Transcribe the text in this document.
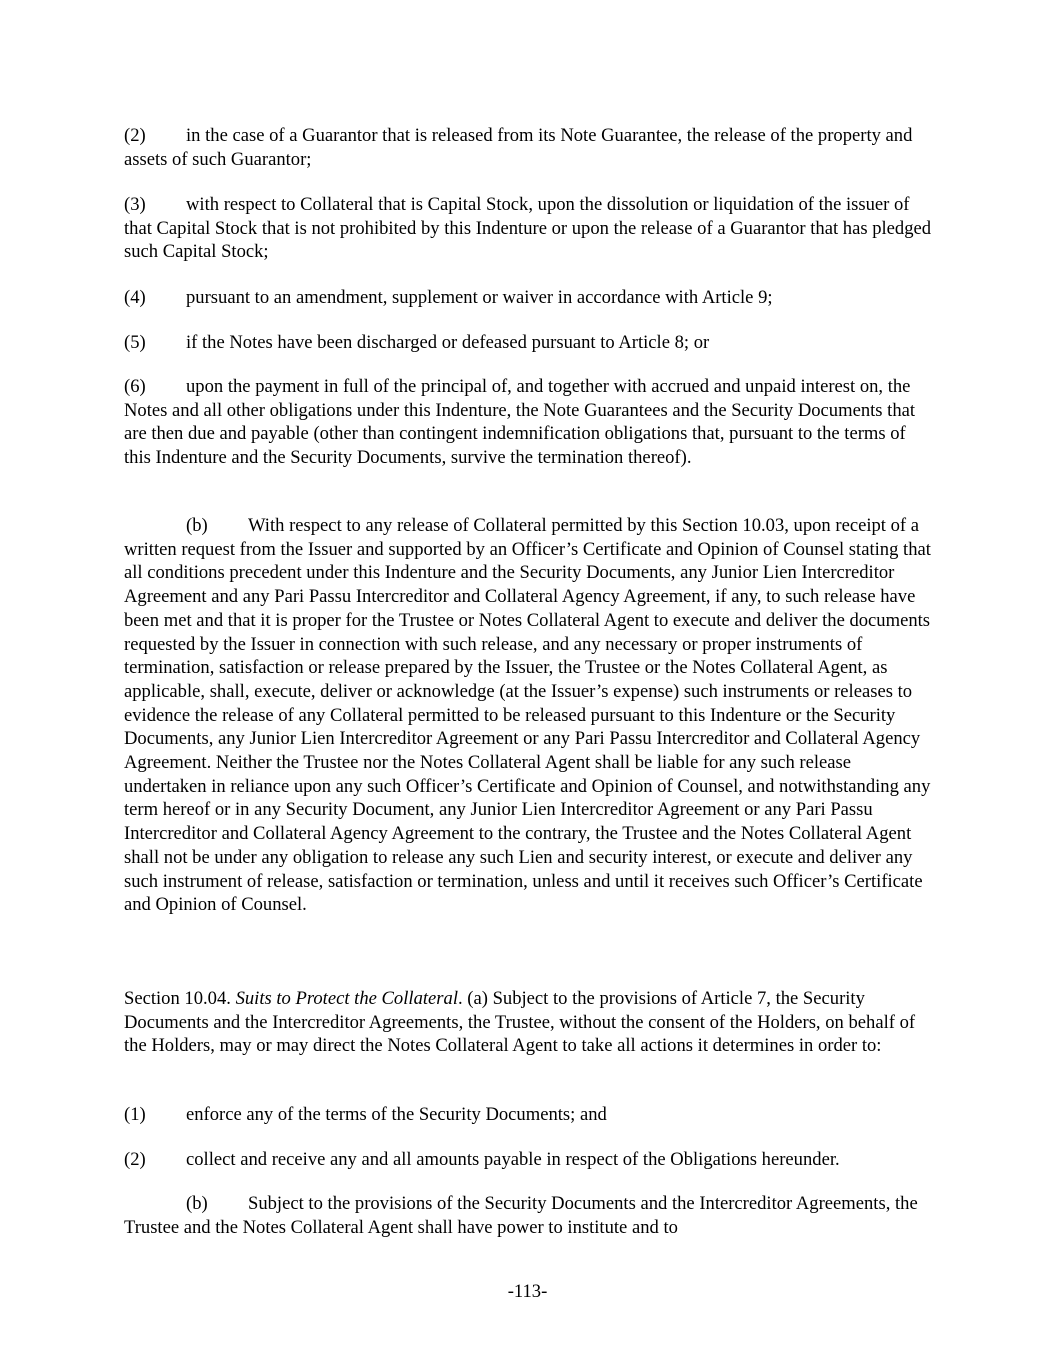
(2) in the case of a Guarantor that is released from its Note Guarantee, the release of the property and assets of such Guarantor;

(3) with respect to Collateral that is Capital Stock, upon the dissolution or liquidation of the issuer of that Capital Stock that is not prohibited by this Indenture or upon the release of a Guarantor that has pledged such Capital Stock;

(4) pursuant to an amendment, supplement or waiver in accordance with Article 9;

(5) if the Notes have been discharged or defeased pursuant to Article 8; or

(6) upon the payment in full of the principal of, and together with accrued and unpaid interest on, the Notes and all other obligations under this Indenture, the Note Guarantees and the Security Documents that are then due and payable (other than contingent indemnification obligations that, pursuant to the terms of this Indenture and the Security Documents, survive the termination thereof).

(b) With respect to any release of Collateral permitted by this Section 10.03, upon receipt of a written request from the Issuer and supported by an Officer’s Certificate and Opinion of Counsel stating that all conditions precedent under this Indenture and the Security Documents, any Junior Lien Intercreditor Agreement and any Pari Passu Intercreditor and Collateral Agency Agreement, if any, to such release have been met and that it is proper for the Trustee or Notes Collateral Agent to execute and deliver the documents requested by the Issuer in connection with such release, and any necessary or proper instruments of termination, satisfaction or release prepared by the Issuer, the Trustee or the Notes Collateral Agent, as applicable, shall, execute, deliver or acknowledge (at the Issuer’s expense) such instruments or releases to evidence the release of any Collateral permitted to be released pursuant to this Indenture or the Security Documents, any Junior Lien Intercreditor Agreement or any Pari Passu Intercreditor and Collateral Agency Agreement. Neither the Trustee nor the Notes Collateral Agent shall be liable for any such release undertaken in reliance upon any such Officer’s Certificate and Opinion of Counsel, and notwithstanding any term hereof or in any Security Document, any Junior Lien Intercreditor Agreement or any Pari Passu Intercreditor and Collateral Agency Agreement to the contrary, the Trustee and the Notes Collateral Agent shall not be under any obligation to release any such Lien and security interest, or execute and deliver any such instrument of release, satisfaction or termination, unless and until it receives such Officer’s Certificate and Opinion of Counsel.

Section 10.04. Suits to Protect the Collateral. (a) Subject to the provisions of Article 7, the Security Documents and the Intercreditor Agreements, the Trustee, without the consent of the Holders, on behalf of the Holders, may or may direct the Notes Collateral Agent to take all actions it determines in order to:

(1) enforce any of the terms of the Security Documents; and

(2) collect and receive any and all amounts payable in respect of the Obligations hereunder.

(b) Subject to the provisions of the Security Documents and the Intercreditor Agreements, the Trustee and the Notes Collateral Agent shall have power to institute and to

-113-
